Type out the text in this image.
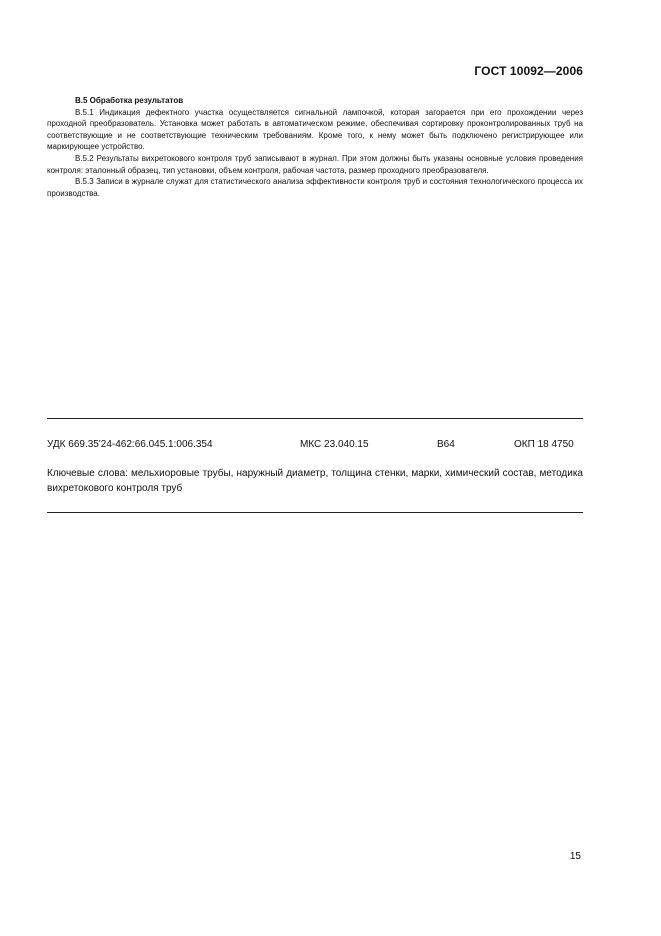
ГОСТ 10092—2006

В.5 Обработка результатов

В.5.1 Индикация дефектного участка осуществляется сигнальной лампочкой, которая загорается при его прохождении через проходной преобразователь. Установка может работать в автоматическом режиме, обеспечивая сортировку проконтролированных труб на соответствующие и не соответствующие техническим требованиям. Кроме того, к нему может быть подключено регистрирующее или маркирующее устройство.

В.5.2 Результаты вихретокового контроля труб записывают в журнал. При этом должны быть указаны основные условия проведения контроля: эталонный образец, тип установки, объем контроля, рабочая частота, размер проходного преобразователя.

В.5.3 Записи в журнале служат для статистического анализа эффективности контроля труб и состояния технологического процесса их производства.

УДК 669.35'24-462:66.045.1:006.354	МКС 23.040.15	В64	ОКП 18 4750
Ключевые слова: мельхиоровые трубы, наружный диаметр, толщина стенки, марки, химический состав, методика вихретокового контроля труб
15
